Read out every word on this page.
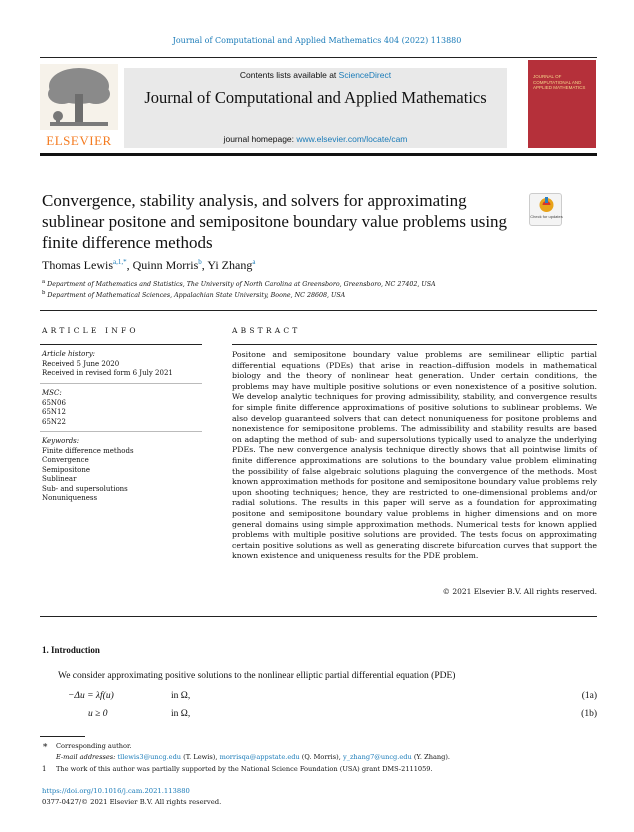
Journal of Computational and Applied Mathematics 404 (2022) 113880
ELSEVIER
Contents lists available at ScienceDirect
Journal of Computational and Applied Mathematics
journal homepage: www.elsevier.com/locate/cam
JOURNAL OF COMPUTATIONAL AND APPLIED MATHEMATICS
Convergence, stability analysis, and solvers for approximating sublinear positone and semipositone boundary value problems using finite difference methods
Check for updates
Thomas Lewis$^{a,1,*}$, Quinn Morris$^b$, Yi Zhang$^a$
$^a$ Department of Mathematics and Statistics, The University of North Carolina at Greensboro, Greensboro, NC 27402, USA
$^b$ Department of Mathematical Sciences, Appalachian State University, Boone, NC 28608, USA
ARTICLE INFO
Article history:
Received 5 June 2020
Received in revised form 6 July 2021
MSC:
65N06
65N12
65N22
Keywords:
Finite difference methods
Convergence
Semipositone
Sublinear
Sub- and supersolutions
Nonuniqueness
ABSTRACT
Positone and semipositone boundary value problems are semilinear elliptic partial differential equations (PDEs) that arise in reaction–diffusion models in mathematical biology and the theory of nonlinear heat generation. Under certain conditions, the problems may have multiple positive solutions or even nonexistence of a positive solution. We develop analytic techniques for proving admissibility, stability, and convergence results for simple finite difference approximations of positive solutions to sublinear problems. We also develop guaranteed solvers that can detect nonuniqueness for positone problems and nonexistence for semipositone problems. The admissibility and stability results are based on adapting the method of sub- and supersolutions typically used to analyze the underlying PDEs. The new convergence analysis technique directly shows that all pointwise limits of finite difference approximations are solutions to the boundary value problem eliminating the possibility of false algebraic solutions plaguing the convergence of the methods. Most known approximation methods for positone and semipositone boundary value problems rely upon shooting techniques; hence, they are restricted to one-dimensional problems and/or radial solutions. The results in this paper will serve as a foundation for approximating positone and semipositone boundary value problems in higher dimensions and on more general domains using simple approximation methods. Numerical tests for known applied problems with multiple positive solutions are provided. The tests focus on approximating certain positive solutions as well as generating discrete bifurcation curves that support the known existence and uniqueness results for the PDE problem.
© 2021 Elsevier B.V. All rights reserved.
1. Introduction
We consider approximating positive solutions to the nonlinear elliptic partial differential equation (PDE)
−Δu = λf(u)	in Ω,	(1a)
u ≥ 0	in Ω,	(1b)
∗ Corresponding author.
E-mail addresses: tllewis3@uncg.edu (T. Lewis), morrisqa@appstate.edu (Q. Morris), y_zhang7@uncg.edu (Y. Zhang).
1 The work of this author was partially supported by the National Science Foundation (USA) grant DMS-2111059.
https://doi.org/10.1016/j.cam.2021.113880
0377-0427/© 2021 Elsevier B.V. All rights reserved.
